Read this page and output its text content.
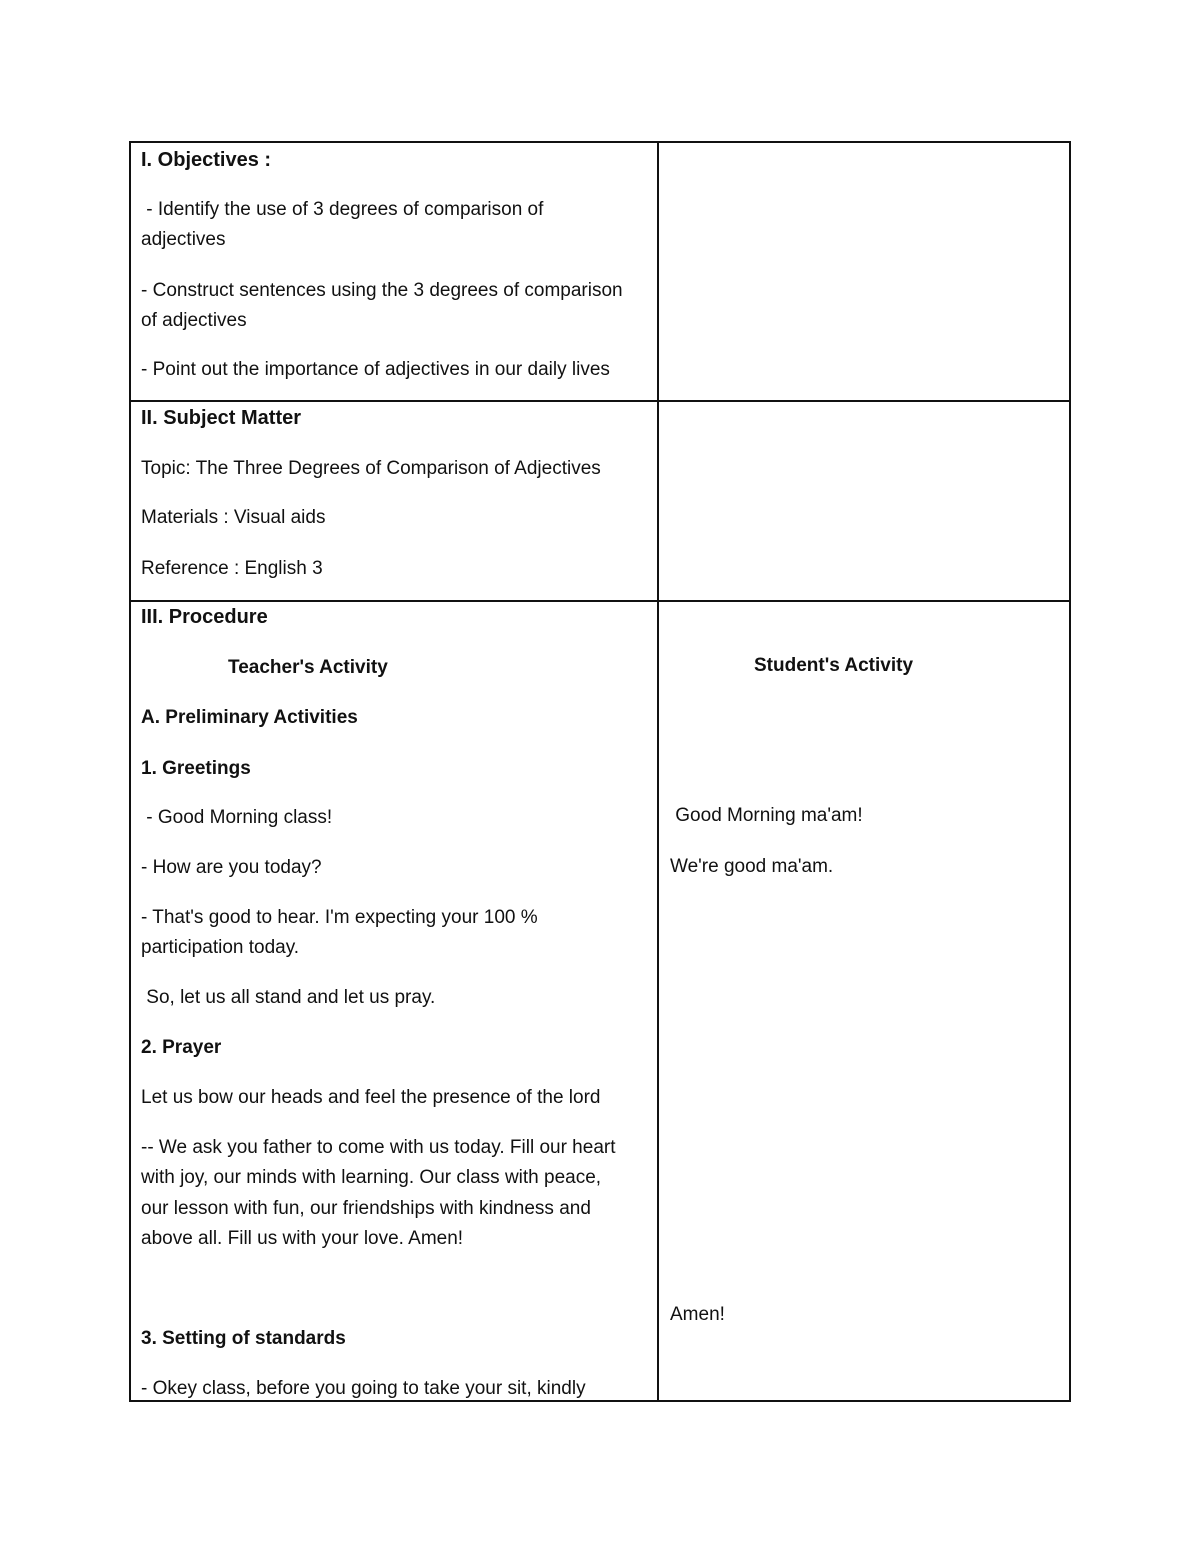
I. Objectives :

- Identify the use of 3 degrees of comparison of

adjectives

- Construct sentences using the 3 degrees of comparison

of adjectives

- Point out the importance of adjectives in our daily lives

II. Subject Matter

Topic: The Three Degrees of Comparison of Adjectives

Materials : Visual aids

Reference : English 3

III. Procedure

Teacher's Activity

A. Preliminary Activities

1. Greetings

- Good Morning class!

- How are you today?

- That's good to hear. I'm expecting your 100 %

participation today.

So, let us all stand and let us pray.

2. Prayer

Let us bow our heads and feel the presence of the lord

-- We ask you father to come with us today. Fill our heart

with joy, our minds with learning. Our class with peace,

our lesson with fun, our friendships with kindness and

above all. Fill us with your love. Amen!

3. Setting of standards

- Okey class, before you going to take your sit, kindly

Student's Activity

Good Morning ma'am!

We're good ma'am.

Amen!
